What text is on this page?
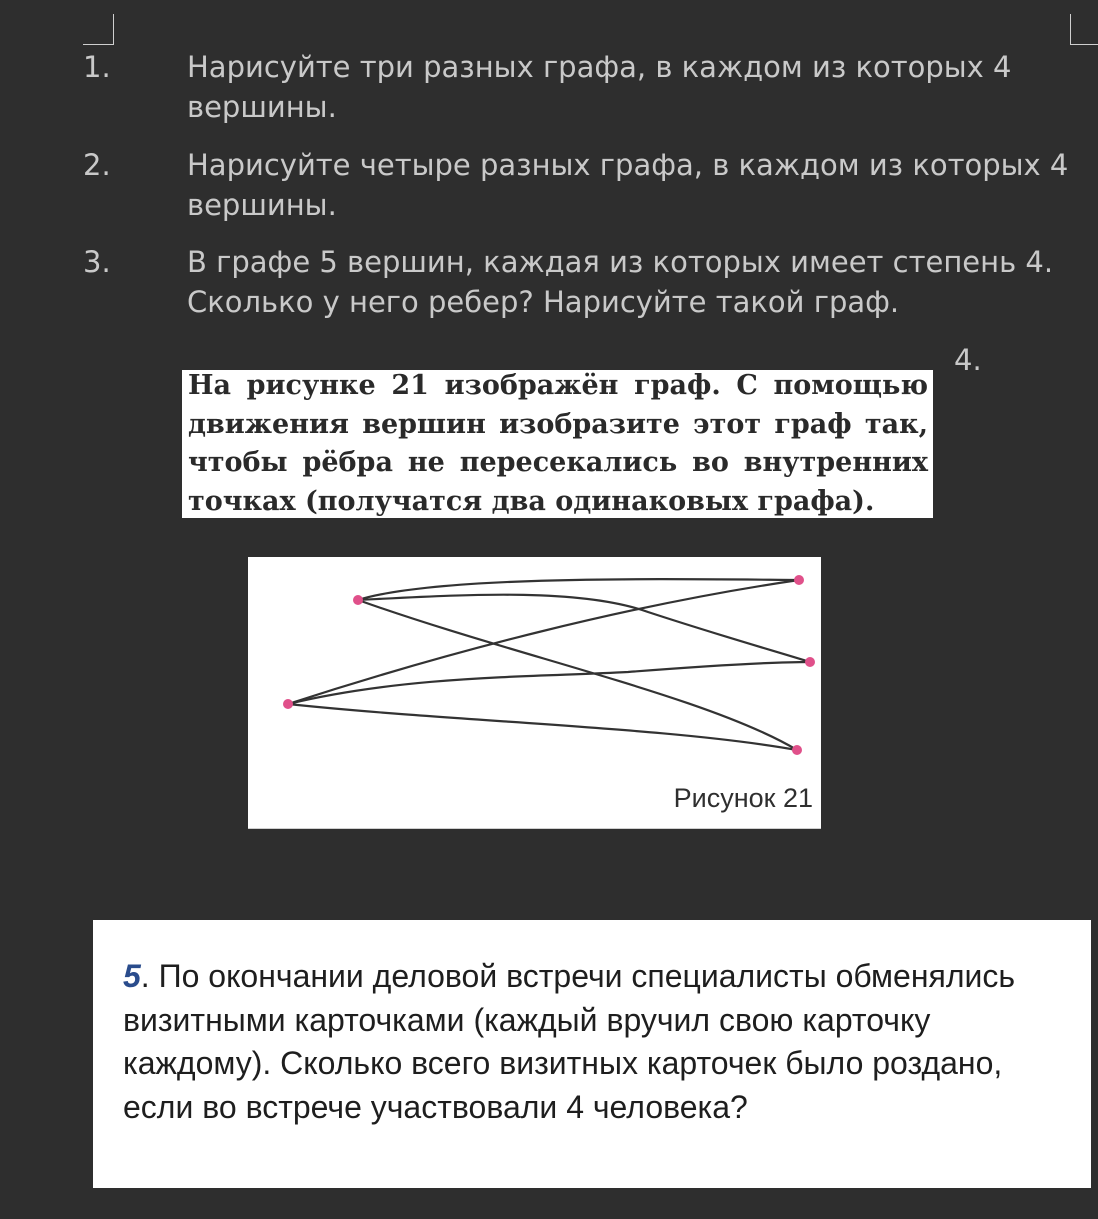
1.	Нарисуйте три разных графа, в каждом из которых 4 вершины.
2.	Нарисуйте четыре разных графа, в каждом из которых 4 вершины.
3.	В графе 5 вершин, каждая из которых имеет степень 4. Сколько у него ребер? Нарисуйте такой граф.
4.

На рисунке 21 изображён граф. С помощью движения вершин изобразите этот граф так, чтобы рёбра не пересекались во внутренних точках (получатся два одинаковых графа).

Рисунок 21

5. По окончании деловой встречи специалисты обменялись визитными карточками (каждый вручил свою карточку каждому). Сколько всего визитных карточек было роздано, если во встрече участвовали 4 человека?
